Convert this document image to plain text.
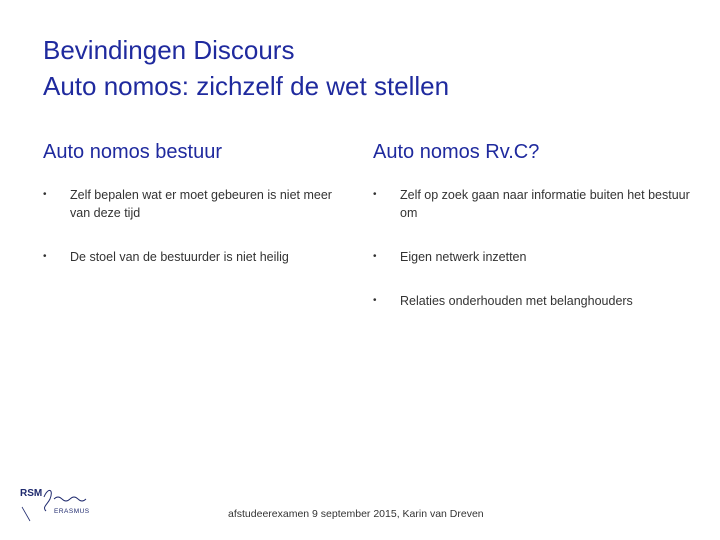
Bevindingen Discours
Auto nomos: zichzelf de wet stellen
Auto nomos bestuur
• Zelf bepalen wat er moet gebeuren is niet meer van deze tijd
• De stoel van de bestuurder is niet heilig
Auto nomos Rv.C?
• Zelf op zoek gaan naar informatie buiten het bestuur om
• Eigen netwerk inzetten
• Relaties onderhouden met belanghouders
RSM
ERASMUS	afstudeerexamen 9 september 2015, Karin van Dreven
